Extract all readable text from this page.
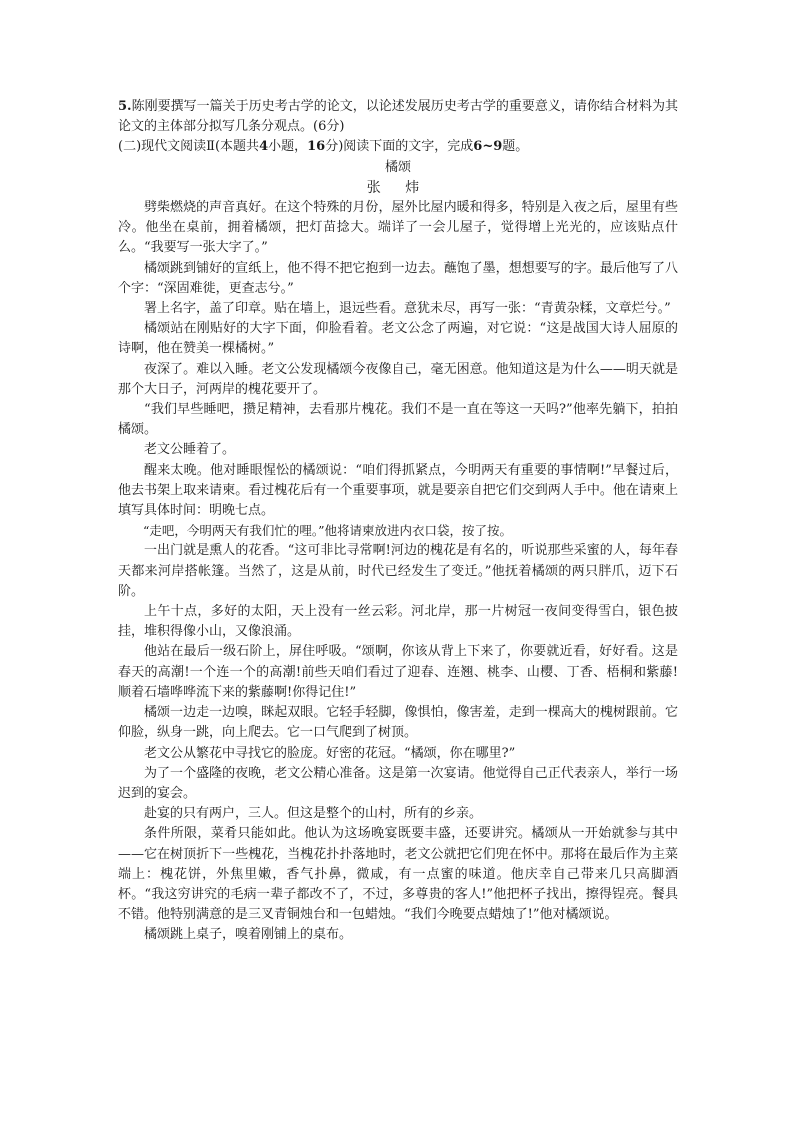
5.陈刚要撰写一篇关于历史考古学的论文，以论述发展历史考古学的重要意义，请你结合材料为其论文的主体部分拟写几条分观点。(6分)

(二)现代文阅读Ⅱ(本题共4小题，16分)阅读下面的文字，完成6~9题。

橘颂

张 炜

劈柴燃烧的声音真好。在这个特殊的月份，屋外比屋内暖和得多，特别是入夜之后，屋里有些冷。他坐在桌前，拥着橘颂，把灯苗捻大。端详了一会儿屋子，觉得增上光光的，应该贴点什么。“我要写一张大字了。”

橘颂跳到铺好的宣纸上，他不得不把它抱到一边去。蘸饱了墨，想想要写的字。最后他写了八个字：“深固难徙，更查志兮。”

署上名字，盖了印章。贴在墙上，退远些看。意犹未尽，再写一张：“青黄杂糅，文章烂兮。”

橘颂站在刚贴好的大字下面，仰脸看着。老文公念了两遍，对它说：“这是战国大诗人屈原的诗啊，他在赞美一棵橘树。”

夜深了。难以入睡。老文公发现橘颂今夜像自己，毫无困意。他知道这是为什么——明天就是那个大日子，河两岸的槐花要开了。

“我们早些睡吧，攒足精神，去看那片槐花。我们不是一直在等这一天吗?”他率先躺下，拍拍橘颂。

老文公睡着了。

醒来太晚。他对睡眼惺忪的橘颂说：“咱们得抓紧点，今明两天有重要的事情啊!”早餐过后，他去书架上取来请柬。看过槐花后有一个重要事项，就是要亲自把它们交到两人手中。他在请柬上填写具体时间：明晚七点。

“走吧，今明两天有我们忙的哩。”他将请柬放进内衣口袋，按了按。

一出门就是熏人的花香。“这可非比寻常啊!河边的槐花是有名的，听说那些采蜜的人，每年春天都来河岸搭帐篷。当然了，这是从前，时代已经发生了变迁。”他抚着橘颂的两只胖爪，迈下石阶。

上午十点，多好的太阳，天上没有一丝云彩。河北岸，那一片树冠一夜间变得雪白，银色披挂，堆积得像小山，又像浪涌。

他站在最后一级石阶上，屏住呼吸。“颂啊，你该从背上下来了，你要就近看，好好看。这是春天的高潮!一个连一个的高潮!前些天咱们看过了迎春、连翘、桃李、山樱、丁香、梧桐和紫藤!顺着石墙哗哗流下来的紫藤啊!你得记住!”

橘颂一边走一边嗅，眯起双眼。它轻手轻脚，像惧怕，像害羞，走到一棵高大的槐树跟前。它仰脸，纵身一跳，向上爬去。它一口气爬到了树顶。

老文公从繁花中寻找它的脸庞。好密的花冠。“橘颂，你在哪里?”

为了一个盛隆的夜晚，老文公精心准备。这是第一次宴请。他觉得自己正代表亲人，举行一场迟到的宴会。

赴宴的只有两户，三人。但这是整个的山村，所有的乡亲。

条件所限，菜肴只能如此。他认为这场晚宴既要丰盛，还要讲究。橘颂从一开始就参与其中——它在树顶折下一些槐花，当槐花扑扑落地时，老文公就把它们兜在怀中。那将在最后作为主菜端上：槐花饼，外焦里嫩，香气扑鼻，微咸，有一点蜜的味道。他庆幸自己带来几只高脚酒杯。“我这穷讲究的毛病一辈子都改不了，不过，多尊贵的客人!”他把杯子找出，擦得锃亮。餐具不错。他特别满意的是三叉青铜烛台和一包蜡烛。“我们今晚要点蜡烛了!”他对橘颂说。

橘颂跳上桌子，嗅着刚铺上的桌布。
